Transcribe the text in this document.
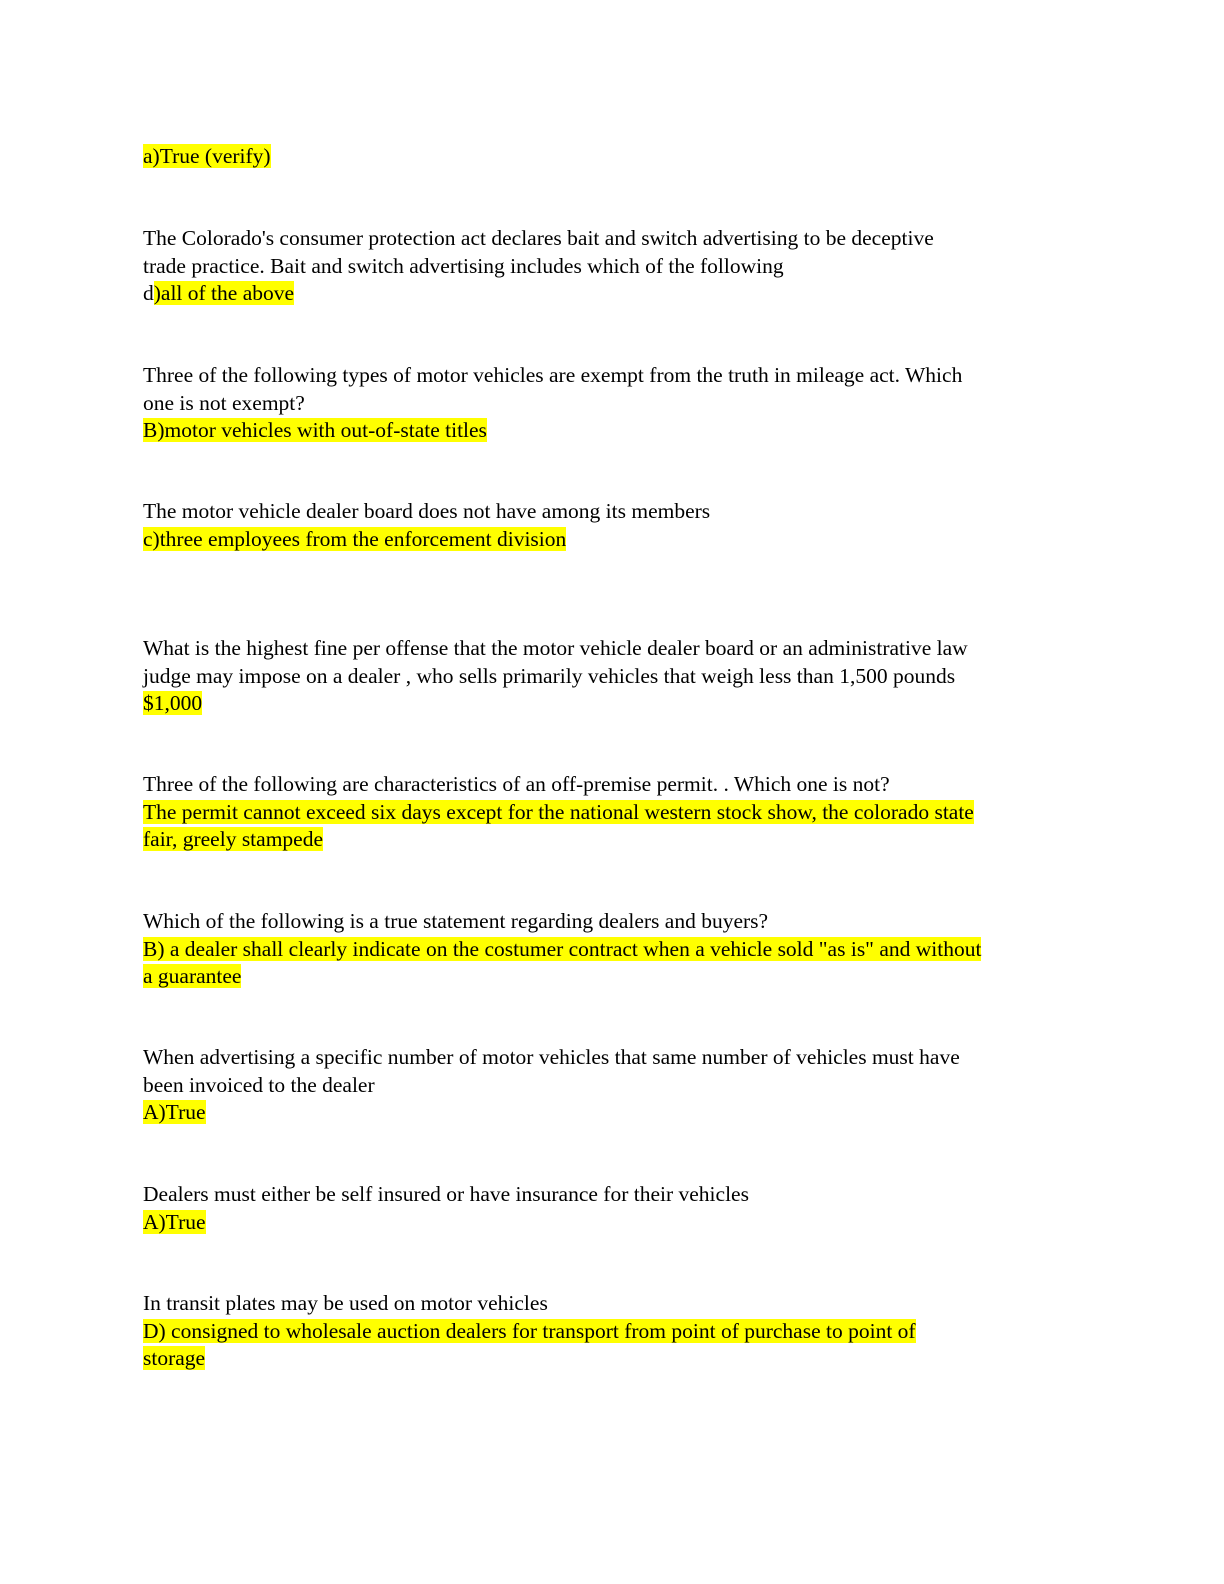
a)True (verify)
The Colorado's consumer protection act declares bait and switch advertising to be deceptive
trade practice. Bait and switch advertising includes which of the following
d)all of the above
Three of the following types of motor vehicles are exempt from the truth in mileage act. Which
one is not exempt?
B)motor vehicles with out-of-state titles
The motor vehicle dealer board does not have among its members
c)three employees from the enforcement division
What is the highest fine per offense that the motor vehicle dealer board or an administrative law
judge may impose on a dealer , who sells primarily vehicles that weigh less than 1,500 pounds
$1,000
Three of the following are characteristics of an off-premise permit. . Which one is not?
The permit cannot exceed six days except for the national western stock show, the colorado state
fair, greely stampede
Which of the following is a true statement regarding dealers and buyers?
B) a dealer shall clearly indicate on the costumer contract when a vehicle sold "as is" and without
a guarantee
When advertising a specific number of motor vehicles that same number of vehicles must have
been invoiced to the dealer
A)True
Dealers must either be self insured or have insurance for their vehicles
A)True
In transit plates may be used on motor vehicles
D) consigned to wholesale auction dealers for transport from point of purchase to point of
storage
